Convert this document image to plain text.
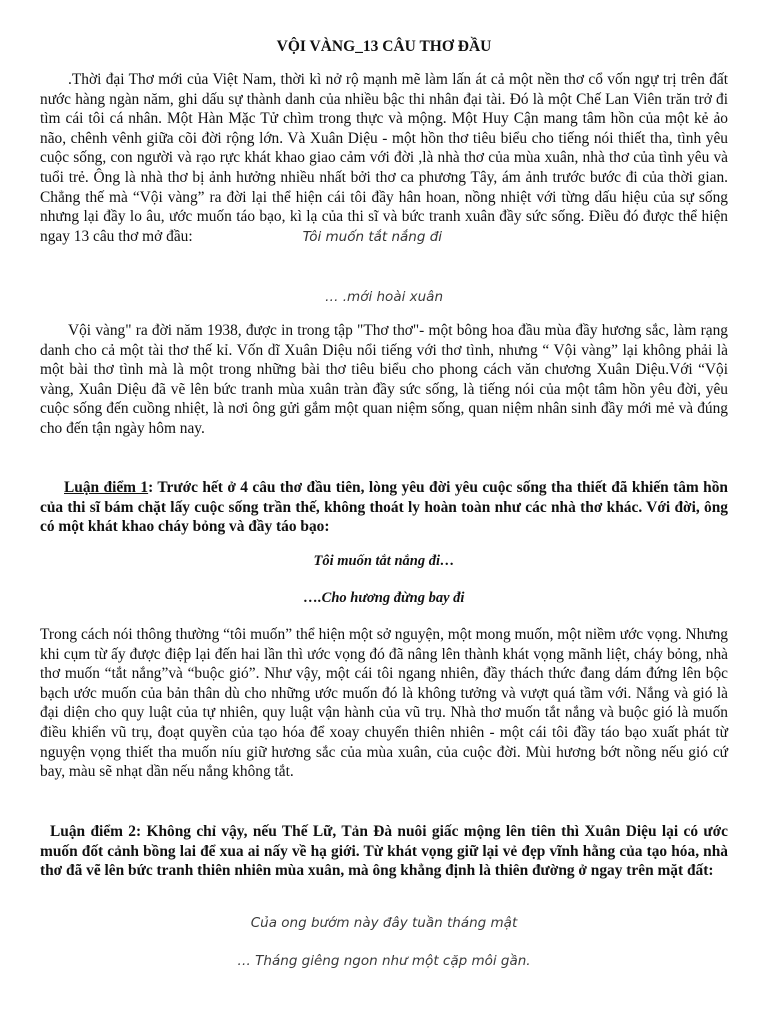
VỘI VÀNG_13 CÂU THƠ ĐẦU

.Thời đại Thơ mới của Việt Nam, thời kì nở rộ mạnh mẽ làm lấn át cả một nền thơ cổ vốn ngự trị trên đất nước hàng ngàn năm, ghi dấu sự thành danh của nhiều bậc thi nhân đại tài. Đó là một Chế Lan Viên trăn trở đi tìm cái tôi cá nhân. Một Hàn Mặc Tử chìm trong thực và mộng. Một Huy Cận mang tâm hồn của một kẻ ảo não, chênh vênh giữa cõi đời rộng lớn. Và Xuân Diệu - một hồn thơ tiêu biểu cho tiếng nói thiết tha, tình yêu cuộc sống, con người và rạo rực khát khao giao cảm với đời ,là nhà thơ của mùa xuân, nhà thơ của tình yêu và tuổi trẻ. Ông là nhà thơ bị ảnh hưởng nhiều nhất bởi thơ ca phương Tây, ám ảnh trước bước đi của thời gian. Chẳng thế mà “Vội vàng” ra đời lại thể hiện cái tôi đầy hân hoan, nồng nhiệt với từng dấu hiệu của sự sống nhưng lại đầy lo âu, ước muốn táo bạo, kì lạ của thi sĩ và bức tranh xuân đầy sức sống. Điều đó được thể hiện ngay 13 câu thơ mở đầu:	Tôi muốn tắt nắng đi

… .mới hoài xuân

Vội vàng" ra đời năm 1938, được in trong tập "Thơ thơ"- một bông hoa đầu mùa đầy hương sắc, làm rạng danh cho cả một tài thơ thế kỉ. Vốn dĩ Xuân Diệu nổi tiếng với thơ tình, nhưng “ Vội vàng” lại không phải là một bài thơ tình mà là một trong những bài thơ tiêu biểu cho phong cách văn chương Xuân Diệu.Với “Vội vàng, Xuân Diệu đã vẽ lên bức tranh mùa xuân tràn đầy sức sống, là tiếng nói của một tâm hồn yêu đời, yêu cuộc sống đến cuồng nhiệt, là nơi ông gửi gắm một quan niệm sống, quan niệm nhân sinh đầy mới mẻ và đúng cho đến tận ngày hôm nay.

Luận điểm 1: Trước hết ở 4 câu thơ đầu tiên, lòng yêu đời yêu cuộc sống tha thiết đã khiến tâm hồn của thi sĩ bám chặt lấy cuộc sống trần thế, không thoát ly hoàn toàn như các nhà thơ khác. Với đời, ông có một khát khao cháy bỏng và đầy táo bạo:

Tôi muốn tắt nắng đi…

….Cho hương đừng bay đi

Trong cách nói thông thường “tôi muốn” thể hiện một sở nguyện, một mong muốn, một niềm ước vọng. Nhưng khi cụm từ ấy được điệp lại đến hai lần thì ước vọng đó đã nâng lên thành khát vọng mãnh liệt, cháy bỏng, nhà thơ muốn “tắt nắng”và “buộc gió”. Như vậy, một cái tôi ngang nhiên, đầy thách thức đang dám đứng lên bộc bạch ước muốn của bản thân dù cho những ước muốn đó là không tưởng và vượt quá tầm với. Nắng và gió là đại diện cho quy luật của tự nhiên, quy luật vận hành của vũ trụ. Nhà thơ muốn tắt nắng và buộc gió là muốn điều khiển vũ trụ, đoạt quyền của tạo hóa để xoay chuyển thiên nhiên - một cái tôi đầy táo bạo xuất phát từ nguyện vọng thiết tha muốn níu giữ hương sắc của mùa xuân, của cuộc đời. Mùi hương bớt nồng nếu gió cứ bay, màu sẽ nhạt dần nếu nắng không tắt.

Luận điểm 2: Không chỉ vậy, nếu Thế Lữ, Tản Đà nuôi giấc mộng lên tiên thì Xuân Diệu lại có ước muốn đốt cảnh bồng lai để xua ai nấy về hạ giới. Từ khát vọng giữ lại vẻ đẹp vĩnh hằng của tạo hóa, nhà thơ đã vẽ lên bức tranh thiên nhiên mùa xuân, mà ông khẳng định là thiên đường ở ngay trên mặt đất:

Của ong bướm này đây tuần tháng mật

… Tháng giêng ngon như một cặp môi gần.
